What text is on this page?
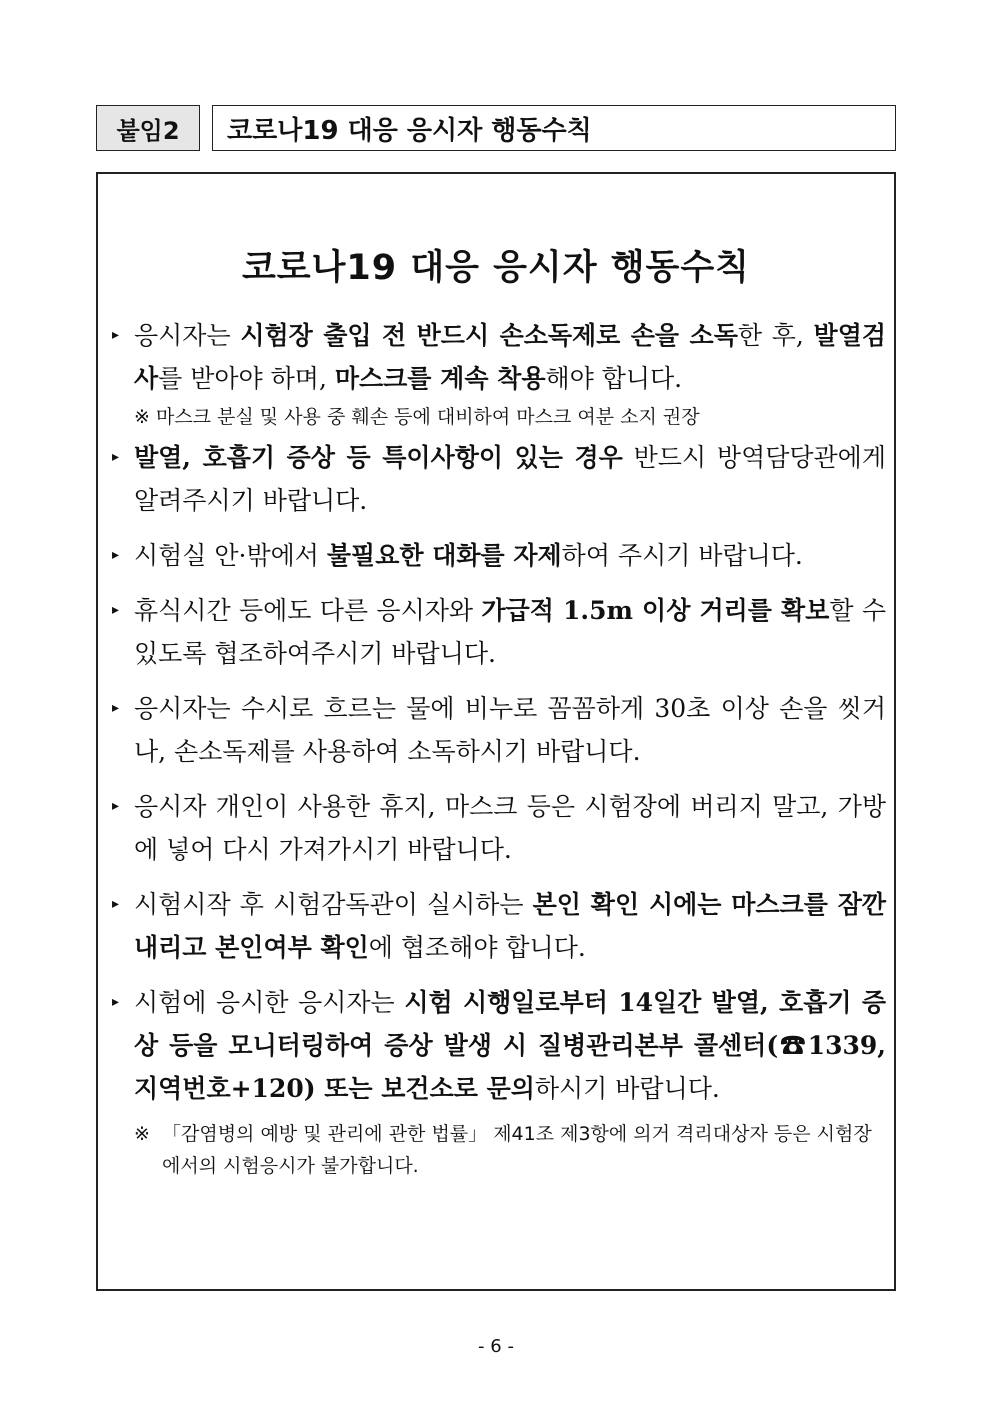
붙임2	코로나19 대응 응시자 행동수칙
코로나19 대응 응시자 행동수칙
▸ 응시자는 시험장 출입 전 반드시 손소독제로 손을 소독한 후, 발열검사를 받아야 하며, 마스크를 계속 착용해야 합니다.
※ 마스크 분실 및 사용 중 훼손 등에 대비하여 마스크 여분 소지 권장
▸ 발열, 호흡기 증상 등 특이사항이 있는 경우 반드시 방역담당관에게 알려주시기 바랍니다.
▸ 시험실 안·밖에서 불필요한 대화를 자제하여 주시기 바랍니다.
▸ 휴식시간 등에도 다른 응시자와 가급적 1.5m 이상 거리를 확보할 수 있도록 협조하여주시기 바랍니다.
▸ 응시자는 수시로 흐르는 물에 비누로 꼼꼼하게 30초 이상 손을 씻거나, 손소독제를 사용하여 소독하시기 바랍니다.
▸ 응시자 개인이 사용한 휴지, 마스크 등은 시험장에 버리지 말고, 가방에 넣어 다시 가져가시기 바랍니다.
▸ 시험시작 후 시험감독관이 실시하는 본인 확인 시에는 마스크를 잠깐 내리고 본인여부 확인에 협조해야 합니다.
▸ 시험에 응시한 응시자는 시험 시행일로부터 14일간 발열, 호흡기 증상 등을 모니터링하여 증상 발생 시 질병관리본부 콜센터(☎1339, 지역번호+120) 또는 보건소로 문의하시기 바랍니다.
※ 「감염병의 예방 및 관리에 관한 법률」 제41조 제3항에 의거 격리대상자 등은 시험장에서의 시험응시가 불가합니다.
- 6 -
